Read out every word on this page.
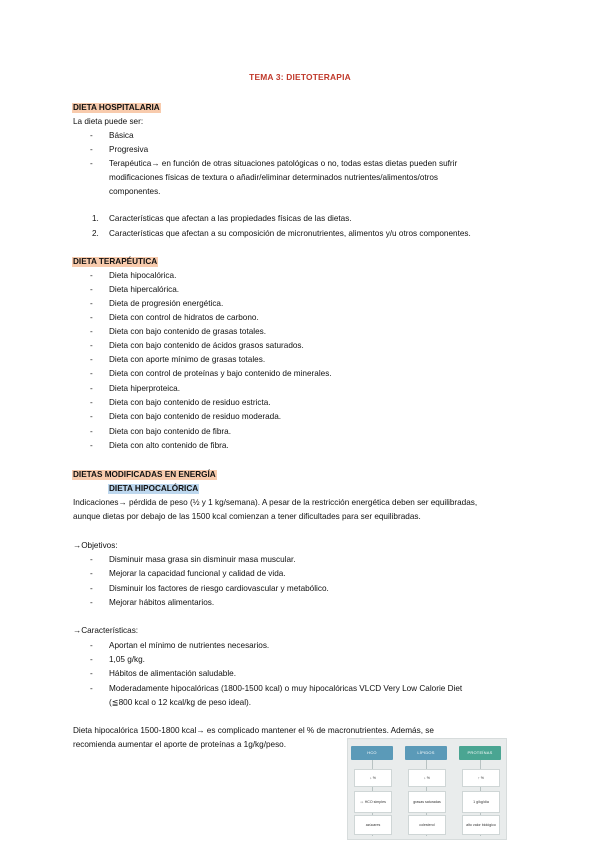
TEMA 3: DIETOTERAPIA
DIETA HOSPITALARIA
La dieta puede ser:
- Básica
- Progresiva
- Terapéutica→ en función de otras situaciones patológicas o no, todas estas dietas pueden sufrir
modificaciones físicas de textura o añadir/eliminar determinados nutrientes/alimentos/otros
componentes.
1. Características que afectan a las propiedades físicas de las dietas.
2. Características que afectan a su composición de micronutrientes, alimentos y/u otros componentes.
DIETA TERAPÉUTICA
- Dieta hipocalórica.
- Dieta hipercalórica.
- Dieta de progresión energética.
- Dieta con control de hidratos de carbono.
- Dieta con bajo contenido de grasas totales.
- Dieta con bajo contenido de ácidos grasos saturados.
- Dieta con aporte mínimo de grasas totales.
- Dieta con control de proteínas y bajo contenido de minerales.
- Dieta hiperproteica.
- Dieta con bajo contenido de residuo estricta.
- Dieta con bajo contenido de residuo moderada.
- Dieta con bajo contenido de fibra.
- Dieta con alto contenido de fibra.
DIETAS MODIFICADAS EN ENERGÍA
DIETA HIPOCALÓRICA
Indicaciones→ pérdida de peso (½ y 1 kg/semana). A pesar de la restricción energética deben ser equilibradas,
aunque dietas por debajo de las 1500 kcal comienzan a tener dificultades para ser equilibradas.
→Objetivos:
- Disminuir masa grasa sin disminuir masa muscular.
- Mejorar la capacidad funcional y calidad de vida.
- Disminuir los factores de riesgo cardiovascular y metabólico.
- Mejorar hábitos alimentarios.
→Características:
- Aportan el mínimo de nutrientes necesarios.
- 1,05 g/kg.
- Hábitos de alimentación saludable.
- Moderadamente hipocalóricas (1800-1500 kcal) o muy hipocalóricas VLCD Very Low Calorie Diet
(≦800 kcal o 12 kcal/kg de peso ideal).
Dieta hipocalórica 1500-1800 kcal→ es complicado mantener el % de macronutrientes. Además, se
recomienda aumentar el aporte de proteínas a 1g/kg/peso.
HCO	LÍPIDOS	PROTEÍNAS
↓ %
↓↓ HCO simples
azúcares
↓ %
grasas saturadas
colesterol
↑ %
1 g/kg/día
alto valor biológico
